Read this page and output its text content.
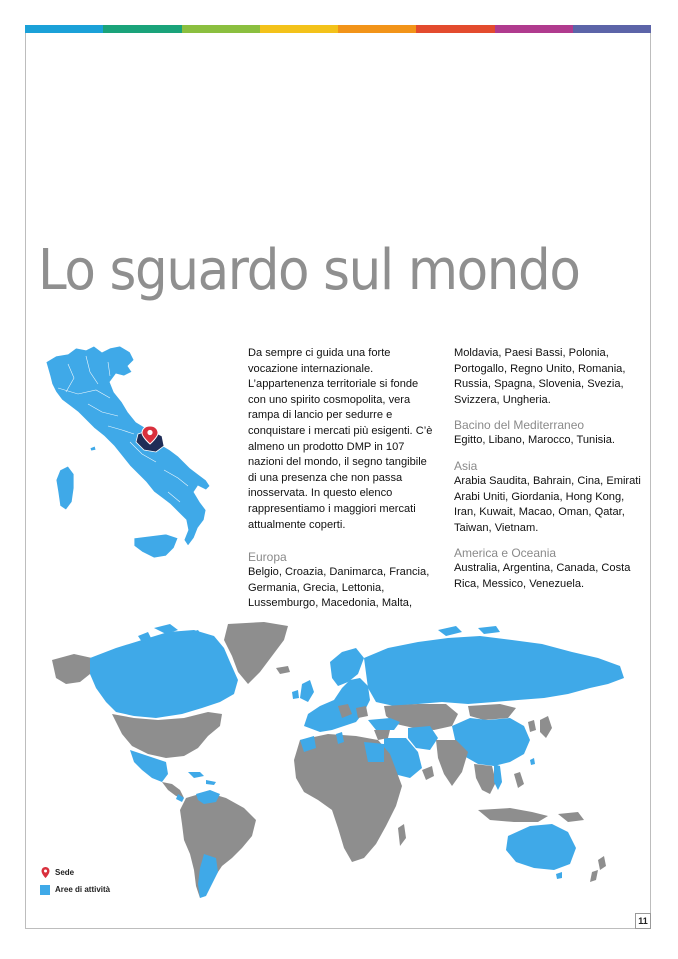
Lo sguardo sul mondo

Da sempre ci guida una forte vocazione internazionale. L’appartenenza territoriale si fonde con uno spirito cosmopolita, vera rampa di lancio per sedurre e conquistare i mercati più esigenti. C’è almeno un prodotto DMP in 107 nazioni del mondo, il segno tangibile di una presenza che non passa inosservata. In questo elenco rappresentiamo i maggiori mercati attualmente coperti.

Europa

Belgio, Croazia, Danimarca, Francia, Germania, Grecia, Lettonia, Lussemburgo, Macedonia, Malta,

Moldavia, Paesi Bassi, Polonia, Portogallo, Regno Unito, Romania, Russia, Spagna, Slovenia, Svezia, Svizzera, Ungheria.

Bacino del Mediterraneo

Egitto, Libano, Marocco, Tunisia.

Asia

Arabia Saudita, Bahrain, Cina, Emirati Arabi Uniti, Giordania, Hong Kong, Iran, Kuwait, Macao, Oman, Qatar, Taiwan, Vietnam.

America e Oceania

Australia, Argentina, Canada, Costa Rica, Messico, Venezuela.

Sede
Aree di attività
11
